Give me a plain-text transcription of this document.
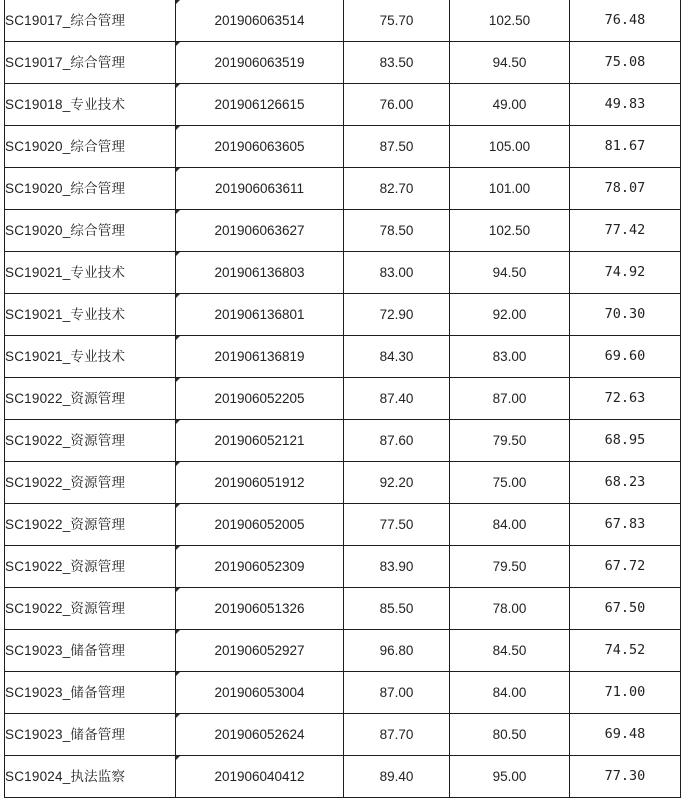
SC19017_综合管理	201906063514	75.70	102.50	76.48
SC19017_综合管理	201906063519	83.50	94.50	75.08
SC19018_专业技术	201906126615	76.00	49.00	49.83
SC19020_综合管理	201906063605	87.50	105.00	81.67
SC19020_综合管理	201906063611	82.70	101.00	78.07
SC19020_综合管理	201906063627	78.50	102.50	77.42
SC19021_专业技术	201906136803	83.00	94.50	74.92
SC19021_专业技术	201906136801	72.90	92.00	70.30
SC19021_专业技术	201906136819	84.30	83.00	69.60
SC19022_资源管理	201906052205	87.40	87.00	72.63
SC19022_资源管理	201906052121	87.60	79.50	68.95
SC19022_资源管理	201906051912	92.20	75.00	68.23
SC19022_资源管理	201906052005	77.50	84.00	67.83
SC19022_资源管理	201906052309	83.90	79.50	67.72
SC19022_资源管理	201906051326	85.50	78.00	67.50
SC19023_储备管理	201906052927	96.80	84.50	74.52
SC19023_储备管理	201906053004	87.00	84.00	71.00
SC19023_储备管理	201906052624	87.70	80.50	69.48
SC19024_执法监察	201906040412	89.40	95.00	77.30
